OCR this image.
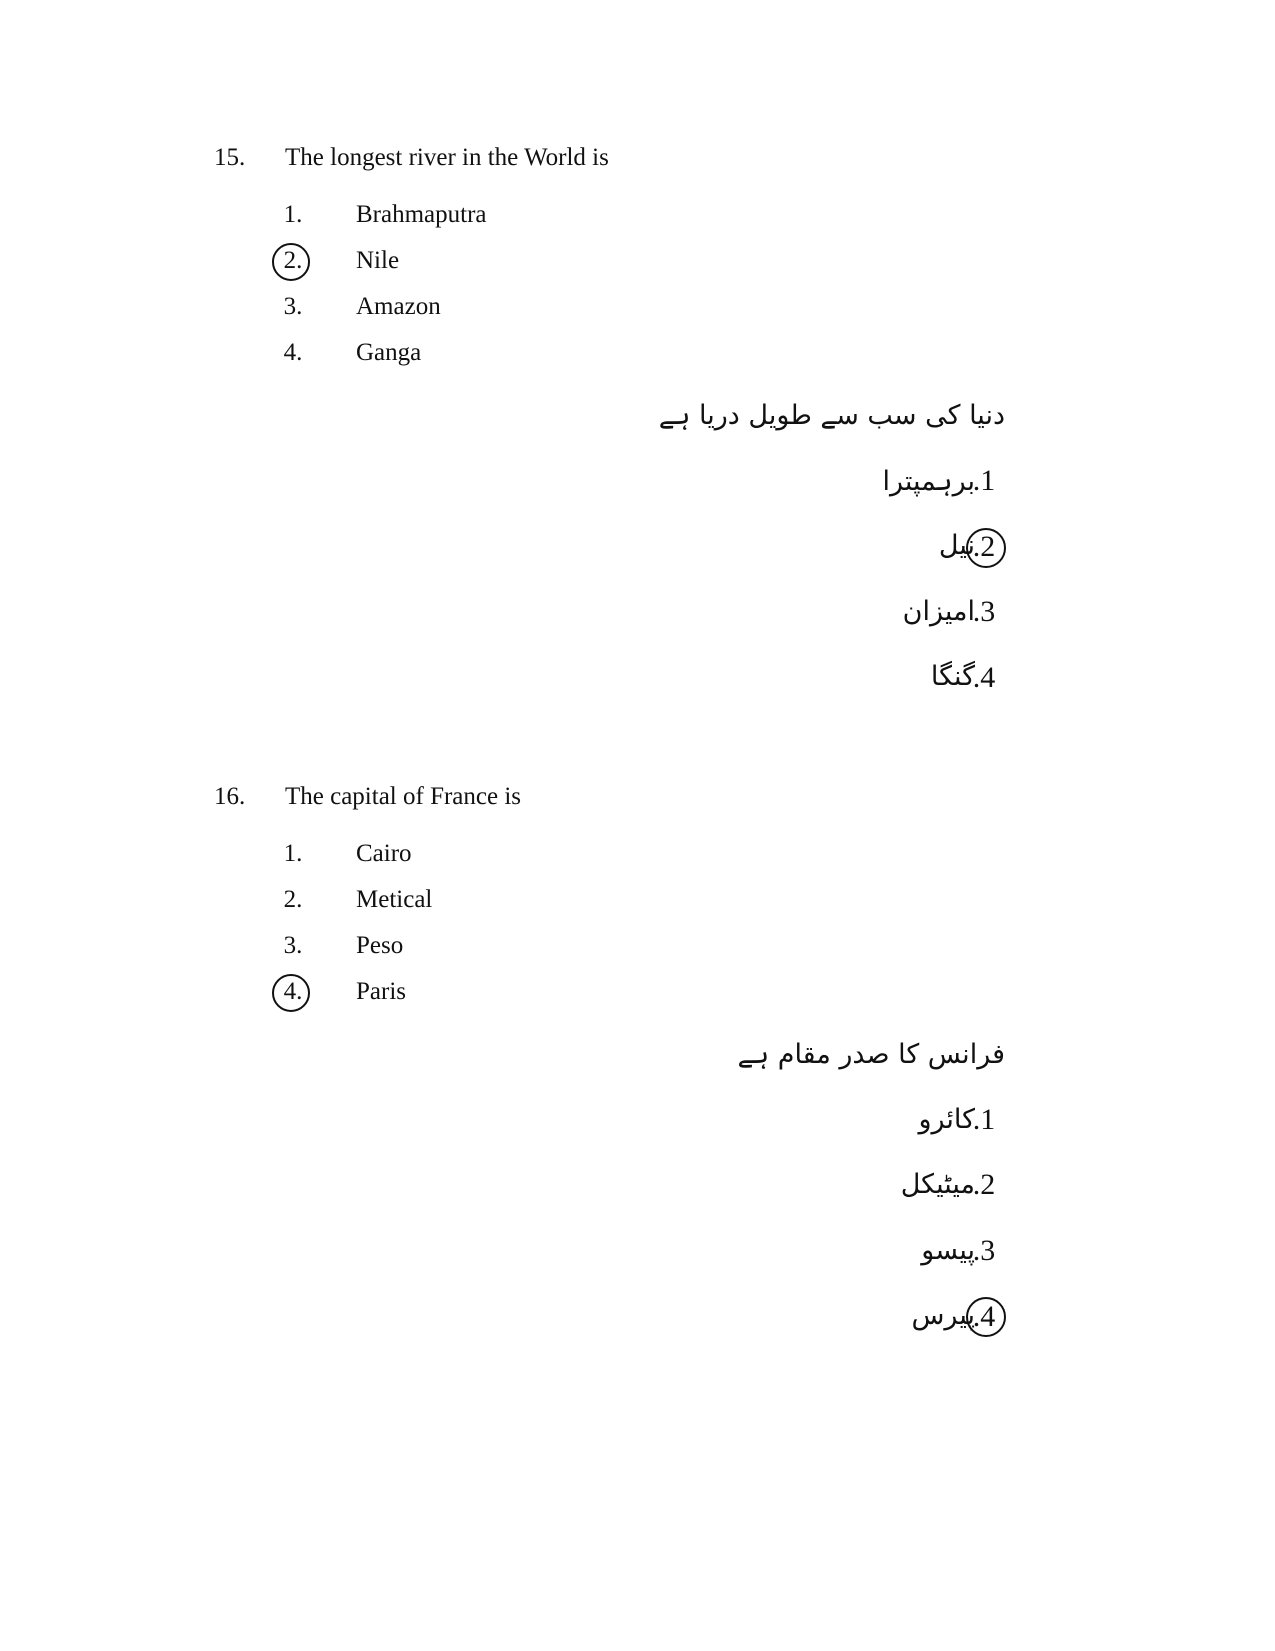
15. The longest river in the World is
1.	Brahmaputra
2.	Nile
3.	Amazon
4.	Ganga
دنیا کی سب سے طویل دریا ہے
.1
برہمپترا
.2
نیل
.3
امیزان
.4
گنگا
16. The capital of France is
1.	Cairo
2.	Metical
3.	Peso
4.	Paris
فرانس کا صدر مقام ہے
.1
کائرو
.2
میٹیکل
.3
پیسو
.4
پیرس
